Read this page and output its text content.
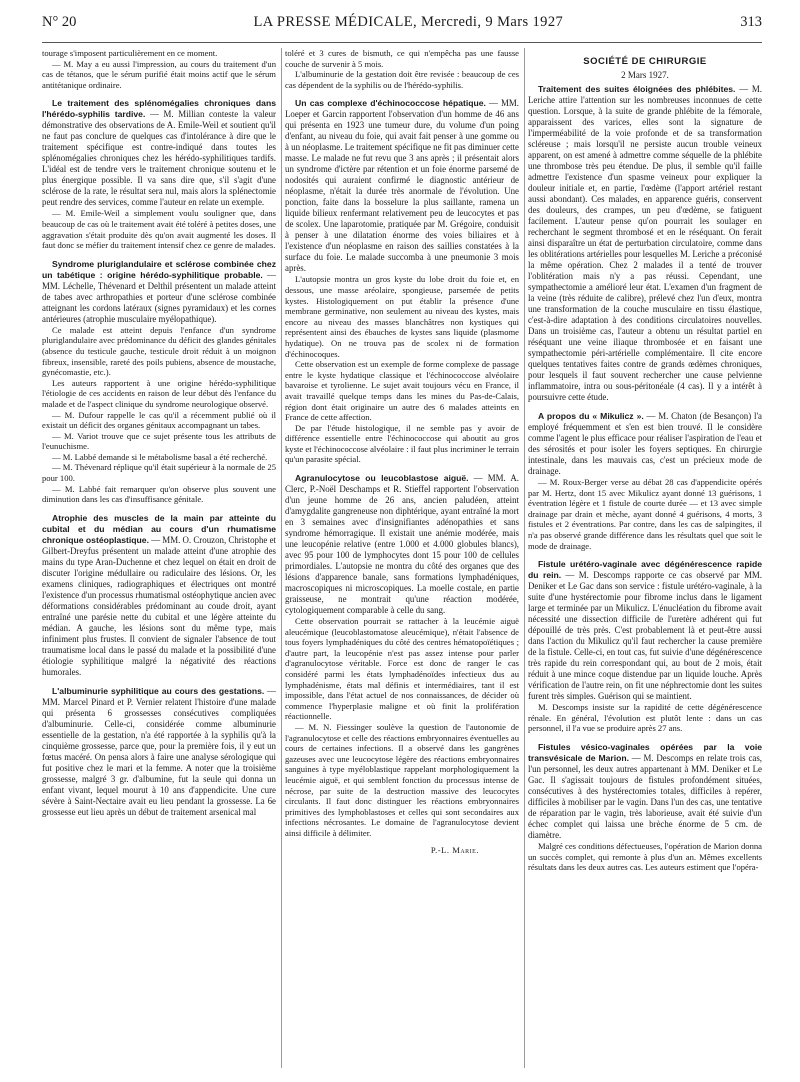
N° 20	LA PRESSE MÉDICALE, Mercredi, 9 Mars 1927	313

tourage s'imposent particulièrement en ce moment.

— M. May a eu aussi l'impression, au cours du traitement d'un cas de tétanos, que le sérum purifié était moins actif que le sérum antitétanique ordinaire.

Le traitement des splénomégalies chroniques dans l'hérédo-syphilis tardive. — M. Millian conteste la valeur démonstrative des observations de A. Emile-Weil et soutient qu'il ne faut pas conclure de quelques cas d'intolérance à dire que le traitement spécifique est contre-indiqué dans toutes les splénomégalies chroniques chez les hérédo-syphilitiques tardifs. L'idéal est de tendre vers le traitement chronique soutenu et le plus énergique possible. Il va sans dire que, s'il s'agit d'une sclérose de la rate, le résultat sera nul, mais alors la splénectomie peut rendre des services, comme l'auteur en relate un exemple.

— M. Emile-Weil a simplement voulu souligner que, dans beaucoup de cas où le traitement avait été toléré à petites doses, une aggravation s'était produite dès qu'on avait augmenté les doses. Il faut donc se méfier du traitement intensif chez ce genre de malades.

Syndrome pluriglandulaire et sclérose combinée chez un tabétique : origine hérédo-syphilitique probable. — MM. Léchelle, Thévenard et Delthil présentent un malade atteint de tabes avec arthropathies et porteur d'une sclérose combinée atteignant les cordons latéraux (signes pyramidaux) et les cornes antérieures (atrophie musculaire myélopathique).

Ce malade est atteint depuis l'enfance d'un syndrome pluriglandulaire avec prédominance du déficit des glandes génitales (absence du testicule gauche, testicule droit réduit à un moignon fibreux, insensible, rareté des poils pubiens, absence de moustache, gynécomastie, etc.).

Les auteurs rapportent à une origine hérédo-syphilitique l'étiologie de ces accidents en raison de leur début dès l'enfance du malade et de l'aspect clinique du syndrome neurologique observé.

— M. Dufour rappelle le cas qu'il a récemment publié où il existait un déficit des organes génitaux accompagnant un tabes.

— M. Variot trouve que ce sujet présente tous les attributs de l'eunuchisme.

— M. Labbé demande si le métabolisme basal a été recherché.

— M. Thévenard réplique qu'il était supérieur à la normale de 25 pour 100.

— M. Labbé fait remarquer qu'on observe plus souvent une diminution dans les cas d'insuffisance génitale.

Atrophie des muscles de la main par atteinte du cubital et du médian au cours d'un rhumatisme chronique ostéoplastique. — MM. O. Crouzon, Christophe et Gilbert-Dreyfus présentent un malade atteint d'une atrophie des mains du type Aran-Duchenne et chez lequel on était en droit de discuter l'origine médullaire ou radiculaire des lésions. Or, les examens cliniques, radiographiques et électriques ont montré l'existence d'un processus rhumatismal ostéophytique ancien avec déformations considérables prédominant au coude droit, ayant entraîné une parésie nette du cubital et une légère atteinte du médian. A gauche, les lésions sont du même type, mais infiniment plus frustes. Il convient de signaler l'absence de tout traumatisme local dans le passé du malade et la possibilité d'une étiologie syphilitique malgré la négativité des réactions humorales.

L'albuminurie syphilitique au cours des gestations. — MM. Marcel Pinard et P. Vernier relatent l'histoire d'une malade qui présenta 6 grossesses consécutives compliquées d'albuminurie. Celle-ci, considérée comme albuminurie essentielle de la gestation, n'a été rapportée à la syphilis qu'à la cinquième grossesse, parce que, pour la première fois, il y eut un fœtus macéré. On pensa alors à faire une analyse sérologique qui fut positive chez le mari et la femme. A noter que la troisième grossesse, malgré 3 gr. d'albumine, fut la seule qui donna un enfant vivant, lequel mourut à 10 ans d'appendicite. Une cure sévère à Saint-Nectaire avait eu lieu pendant la grossesse. La 6e grossesse eut lieu après un début de traitement arsenical mal

toléré et 3 cures de bismuth, ce qui n'empêcha pas une fausse couche de survenir à 5 mois.

L'albuminurie de la gestation doit être revisée : beaucoup de ces cas dépendent de la syphilis ou de l'hérédo-syphilis.

Un cas complexe d'échinococcose hépatique. — MM. Loeper et Garcin rapportent l'observation d'un homme de 46 ans qui présenta en 1923 une tumeur dure, du volume d'un poing d'enfant, au niveau du foie, qui avait fait penser à une gomme ou à un néoplasme. Le traitement spécifique ne fit pas diminuer cette masse. Le malade ne fut revu que 3 ans après ; il présentait alors un syndrome d'ictère par rétention et un foie énorme parsemé de nodosités qui auraient confirmé le diagnostic antérieur de néoplasme, n'était la durée très anormale de l'évolution. Une ponction, faite dans la bosselure la plus saillante, ramena un liquide bilieux renfermant relativement peu de leucocytes et pas de scolex. Une laparotomie, pratiquée par M. Grégoire, conduisit à penser à une dilatation énorme des voies biliaires et à l'existence d'un néoplasme en raison des saillies constatées à la surface du foie. Le malade succomba à une pneumonie 3 mois après.

L'autopsie montra un gros kyste du lobe droit du foie et, en dessous, une masse aréolaire, spongieuse, parsemée de petits kystes. Histologiquement on put établir la présence d'une membrane germinative, non seulement au niveau des kystes, mais encore au niveau des masses blanchâtres non kystiques qui représentent ainsi des ébauches de kystes sans liquide (plasmome hydatique). On ne trouva pas de scolex ni de formation d'échinocoques.

Cette observation est un exemple de forme complexe de passage entre le kyste hydatique classique et l'échinococcose alvéolaire bavaroise et tyrolienne. Le sujet avait toujours vécu en France, il avait travaillé quelque temps dans les mines du Pas-de-Calais, région dont était originaire un autre des 6 malades atteints en France de cette affection.

De par l'étude histologique, il ne semble pas y avoir de différence essentielle entre l'échinococcose qui aboutit au gros kyste et l'échinococcose alvéolaire : il faut plus incriminer le terrain qu'un parasite spécial.

Agranulocytose ou leucoblastose aiguë. — MM. A. Clerc, P.-Noël Deschamps et R. Stieffel rapportent l'observation d'un jeune homme de 26 ans, ancien paludéen, atteint d'amygdalite gangreneuse non diphtérique, ayant entraîné la mort en 3 semaines avec d'insignifiantes adénopathies et sans syndrome hémorragique. Il existait une anémie modérée, mais une leucopénie relative (entre 1.000 et 4.000 globules blancs), avec 95 pour 100 de lymphocytes dont 15 pour 100 de cellules primordiales. L'autopsie ne montra du côté des organes que des lésions d'apparence banale, sans formations lymphadéniques, macroscopiques ni microscopiques. La moelle costale, en partie graisseuse, ne montrait qu'une réaction modérée, cytologiquement comparable à celle du sang.

Cette observation pourrait se rattacher à la leucémie aiguë aleucémique (leucoblastomatose aleucémique), n'était l'absence de tous foyers lymphadéniques du côté des centres hématopoïétiques ; d'autre part, la leucopénie n'est pas assez intense pour parler d'agranulocytose véritable. Force est donc de ranger le cas considéré parmi les états lymphadénoïdes infectieux dus au lymphadénisme, états mal définis et intermédiaires, tant il est impossible, dans l'état actuel de nos connaissances, de décider où commence l'hyperplasie maligne et où finit la prolifération réactionnelle.

— M. N. Fiessinger soulève la question de l'autonomie de l'agranulocytose et celle des réactions embryonnaires éventuelles au cours de certaines infections. Il a observé dans les gangrènes gazeuses avec une leucocytose légère des réactions embryonnaires sanguines à type myéloblastique rappelant morphologiquement la leucémie aiguë, et qui semblent fonction du processus intense de nécrose, par suite de la destruction massive des leucocytes circulants. Il faut donc distinguer les réactions embryonnaires primitives des lymphoblastoses et celles qui sont secondaires aux infections nécrosantes. Le domaine de l'agranulocytose devient ainsi difficile à délimiter.

P.-L. Marie.
SOCIÉTÉ DE CHIRURGIE
2 Mars 1927.

Traitement des suites éloignées des phlébites. — M. Leriche attire l'attention sur les nombreuses inconnues de cette question. Lorsque, à la suite de grande phlébite de la fémorale, apparaissent des varices, elles sont la signature de l'imperméabilité de la voie profonde et de sa transformation scléreuse ; mais lorsqu'il ne persiste aucun trouble veineux apparent, on est amené à admettre comme séquelle de la phlébite une thrombose très peu étendue. De plus, il semble qu'il faille admettre l'existence d'un spasme veineux pour expliquer la douleur initiale et, en partie, l'œdème (l'apport artériel restant aussi abondant). Ces malades, en apparence guéris, conservent des douleurs, des crampes, un peu d'œdème, se fatiguent facilement. L'auteur pense qu'on pourrait les soulager en recherchant le segment thrombosé et en le réséquant. On ferait ainsi disparaître un état de perturbation circulatoire, comme dans les oblitérations artérielles pour lesquelles M. Leriche a préconisé la même opération. Chez 2 malades il a tenté de trouver l'oblitération mais n'y a pas réussi. Cependant, une sympathectomie a amélioré leur état. L'examen d'un fragment de la veine (très réduite de calibre), prélevé chez l'un d'eux, montra une transformation de la couche musculaire en tissu élastique, c'est-à-dire adaptation à des conditions circulatoires nouvelles. Dans un troisième cas, l'auteur a obtenu un résultat partiel en réséquant une veine iliaque thrombosée et en faisant une sympathectomie péri-artérielle complémentaire. Il cite encore quelques tentatives faites contre de grands œdèmes chroniques, pour lesquels il faut souvent rechercher une cause pelvienne inflammatoire, intra ou sous-péritonéale (4 cas). Il y a intérêt à poursuivre cette étude.

A propos du « Mikulicz ». — M. Chaton (de Besançon) l'a employé fréquemment et s'en est bien trouvé. Il le considère comme l'agent le plus efficace pour réaliser l'aspiration de l'eau et des sérosités et pour isoler les foyers septiques. En chirurgie intestinale, dans les mauvais cas, c'est un précieux mode de drainage.

— M. Roux-Berger verse au débat 28 cas d'appendicite opérés par M. Hertz, dont 15 avec Mikulicz ayant donné 13 guérisons, 1 éventration légère et 1 fistule de courte durée — et 13 avec simple drainage par drain et mèche, ayant donné 4 guérisons, 4 morts, 3 fistules et 2 éventrations. Par contre, dans les cas de salpingites, il n'a pas observé grande différence dans les résultats quel que soit le mode de drainage.

Fistule urétéro-vaginale avec dégénérescence rapide du rein. — M. Descomps rapporte ce cas observé par MM. Deniker et Le Gac dans son service : fistule urétéro-vaginale, à la suite d'une hystérectomie pour fibrome inclus dans le ligament large et terminée par un Mikulicz. L'énucléation du fibrome avait nécessité une dissection difficile de l'uretère adhérent qui fut dépouillé de très près. C'est probablement là et peut-être aussi dans l'action du Mikulicz qu'il faut rechercher la cause première de la fistule. Celle-ci, en tout cas, fut suivie d'une dégénérescence très rapide du rein correspondant qui, au bout de 2 mois, était réduit à une mince coque distendue par un liquide louche. Après vérification de l'autre rein, on fit une néphrectomie dont les suites furent très simples. Guérison qui se maintient.

M. Descomps insiste sur la rapidité de cette dégénérescence rénale. En général, l'évolution est plutôt lente : dans un cas personnel, il l'a vue se produire après 27 ans.

Fistules vésico-vaginales opérées par la voie transvésicale de Marion. — M. Descomps en relate trois cas, l'un personnel, les deux autres appartenant à MM. Deniker et Le Gac. Il s'agissait toujours de fistules profondément situées, consécutives à des hystérectomies totales, difficiles à repérer, difficiles à mobiliser par le vagin. Dans l'un des cas, une tentative de réparation par le vagin, très laborieuse, avait été suivie d'un échec complet qui laissa une brèche énorme de 5 cm. de diamètre.

Malgré ces conditions défectueuses, l'opération de Marion donna un succès complet, qui remonte à plus d'un an. Mêmes excellents résultats dans les deux autres cas. Les auteurs estiment que l'opéra-
